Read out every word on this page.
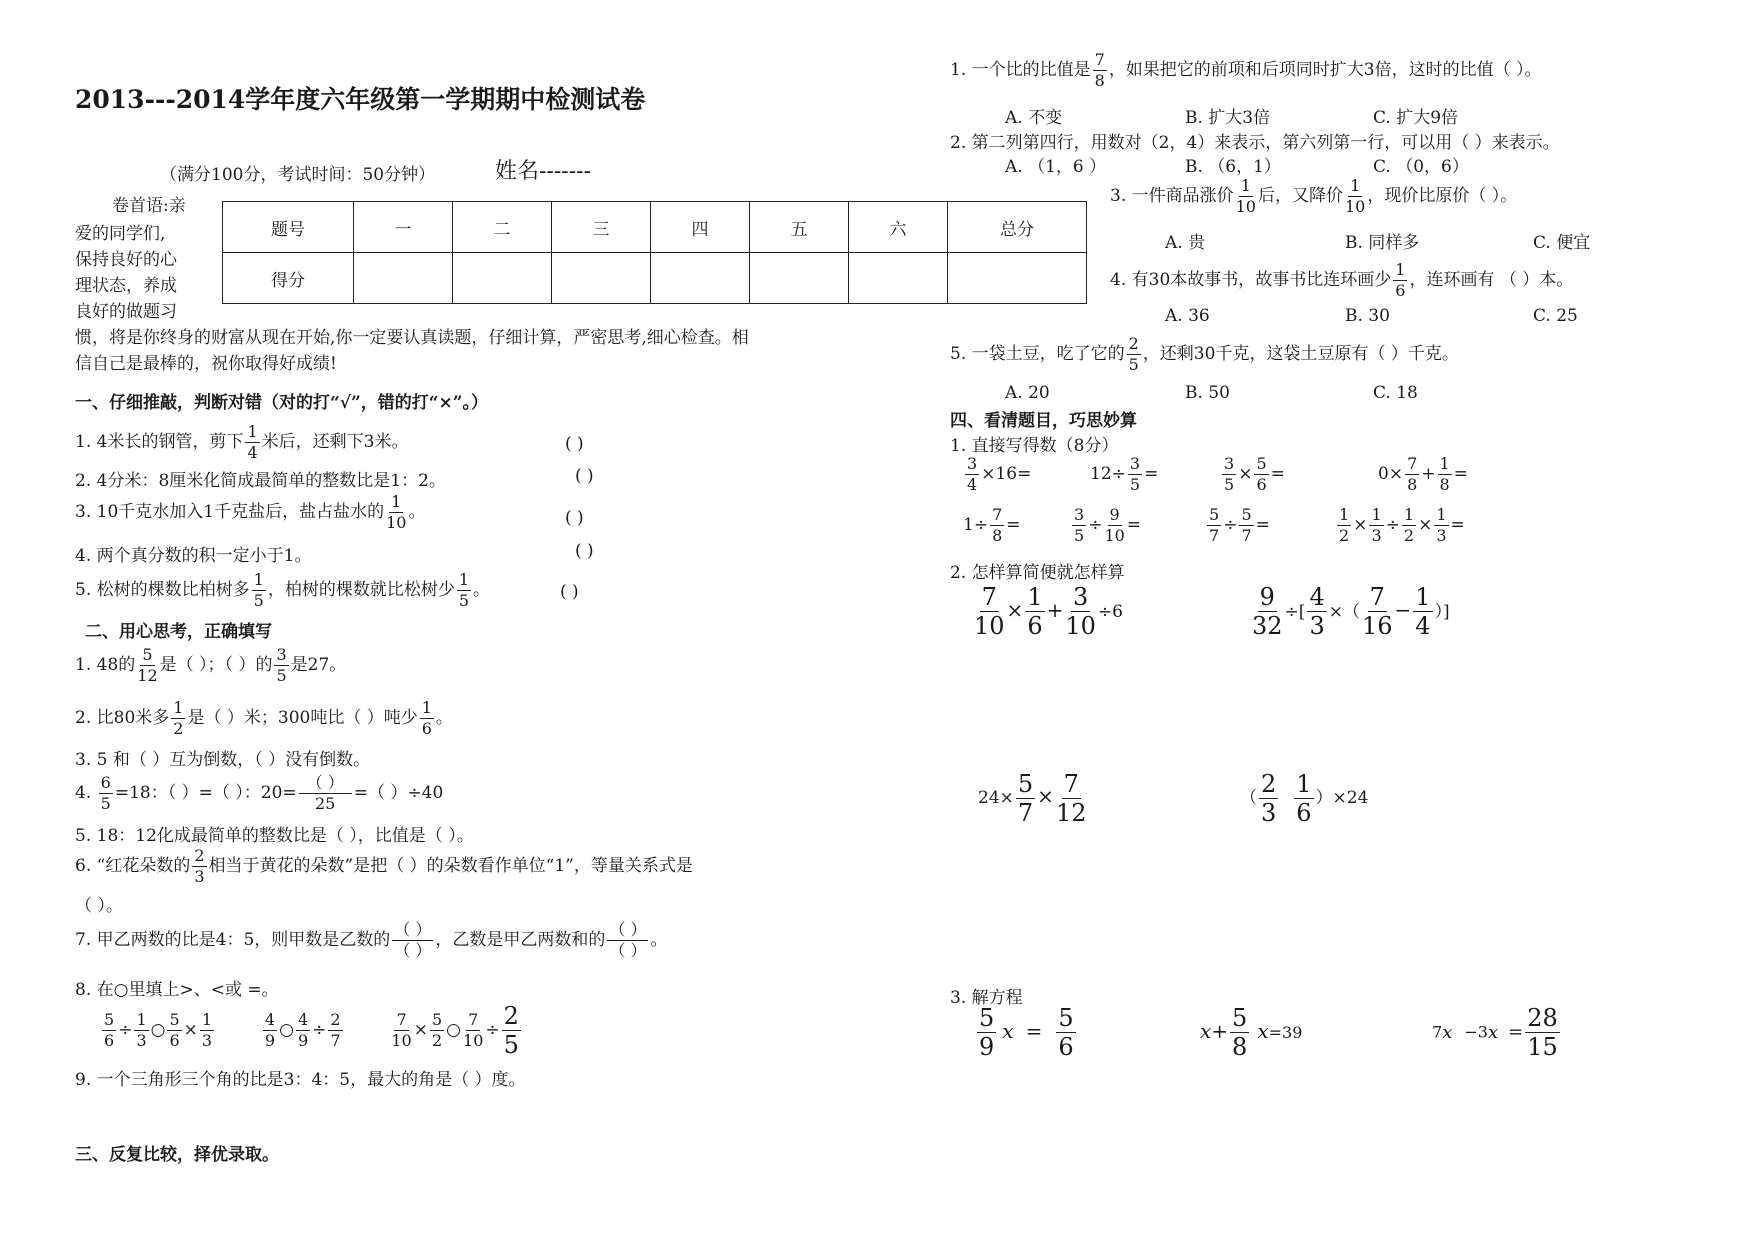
2013---2014学年度六年级第一学期期中检测试卷
（满分100分，考试时间：50分钟）	姓名-------
卷首语:亲
爱的同学们,
保持良好的心
理状态，养成
良好的做题习
惯，将是你终身的财富从现在开始,你一定要认真读题，仔细计算，严密思考,细心检查。相
信自己是最棒的，祝你取得好成绩!
题号	一	二	三	四	五	六	总分
得分							
一、仔细推敲，判断对错（对的打“√”，错的打“×”。）
1. 4米长的钢管，剪下 $\frac{1}{4}$ 米后，还剩下3米。	( )
2. 4分米：8厘米化简成最简单的整数比是1：2。	( )
3. 10千克水加入1千克盐后，盐占盐水的 $\frac{1}{10}$ 。	( )
4. 两个真分数的积一定小于1。	( )
5. 松树的棵数比柏树多 $\frac{1}{5}$ ，柏树的棵数就比松树少 $\frac{1}{5}$ 。	( )
二、用心思考，正确填写
1. 48的 $\frac{5}{12}$ 是（ ）；（ ）的 $\frac{3}{5}$ 是27。
2. 比80米多 $\frac{1}{2}$ 是（ ）米；300吨比（ ）吨少 $\frac{1}{6}$ 。
3. 5 和（ ）互为倒数，（ ）没有倒数。
4. $\frac{6}{5} =18$：（ ）=（ ）：20=
（ ）
25
=（ ）÷40
5. 18：12化成最简单的整数比是（ ），比值是（ ）。
6. “红花朵数的 $\frac{2}{3}$ 相当于黄花的朵数”是把（ ）的朵数看作单位“1”，等量关系式是
（ ）。
7. 甲乙两数的比是4：5，则甲数是乙数的
（ ）
（ ）
，乙数是甲乙两数和的
（ ）
（ ）
。
8. 在○里填上>、<或 =。
$\frac{5}{6} \div \frac{1}{3}$ ○ $\frac{5}{6} \times \frac{1}{3}$
	$\frac{4}{9}$ ○ $\frac{4}{9} \div \frac{2}{7}$
	$\frac{7}{10} \times \frac{5}{2}$ ○ $\frac{7}{10} \div \frac{2}{5}$
9. 一个三角形三个角的比是3：4：5，最大的角是（ ）度。
三、反复比较，择优录取。
1. 一个比的比值是 $\frac{7}{8}$ ，如果把它的前项和后项同时扩大3倍，这时的比值（ ）。
A. 不变	B. 扩大3倍	C. 扩大9倍
2. 第二列第四行，用数对（2，4）来表示，第六列第一行，可以用（ ）来表示。
A. （1，6 ）	B. （6，1）	C. （0，6）
3. 一件商品涨价 $\frac{1}{10}$ 后，又降价 $\frac{1}{10}$ ，现价比原价（ ）。
A. 贵	B. 同样多	C. 便宜
4. 有30本故事书，故事书比连环画少 $\frac{1}{6}$ ，连环画有 （ ）本。
A. 36	B. 30	C. 25
5. 一袋土豆，吃了它的 $\frac{2}{5}$ ，还剩30千克，这袋土豆原有（ ）千克。
A. 20	B. 50	C. 18
四、看清题目，巧思妙算
1. 直接写得数（8分）
$\frac{3}{4} \times 16=$	$12\div \frac{3}{5}$ =	$\frac{3}{5} \times \frac{5}{6}$ =	$0\times \frac{7}{8} + \frac{1}{8}$ =
$1\div \frac{7}{8}$ =	$\frac{3}{5} \div \frac{9}{10}$ =	$\frac{5}{7} \div \frac{5}{7}$ =	$\frac{1}{2} \times \frac{1}{3} \div \frac{1}{2} \times \frac{1}{3}$ =
2. 怎样算简便就怎样算
$\frac{7}{10} \times \frac{1}{6} + \frac{3}{10} \div 6$	$\frac{9}{32}$ ÷[ $\frac{4}{3}$ ×（ $\frac{7}{16} - \frac{1}{4}$ ）]
$24\times \frac{5}{7} \times \frac{7}{12}$	（ $\frac{2}{3} \frac{1}{6} )\times 24$
3. 解方程
$\frac{5}{9}$ $x = \frac{5}{6}$	$x+ \frac{5}{8} x=39$	$7x -3x = \frac{28}{15}$
